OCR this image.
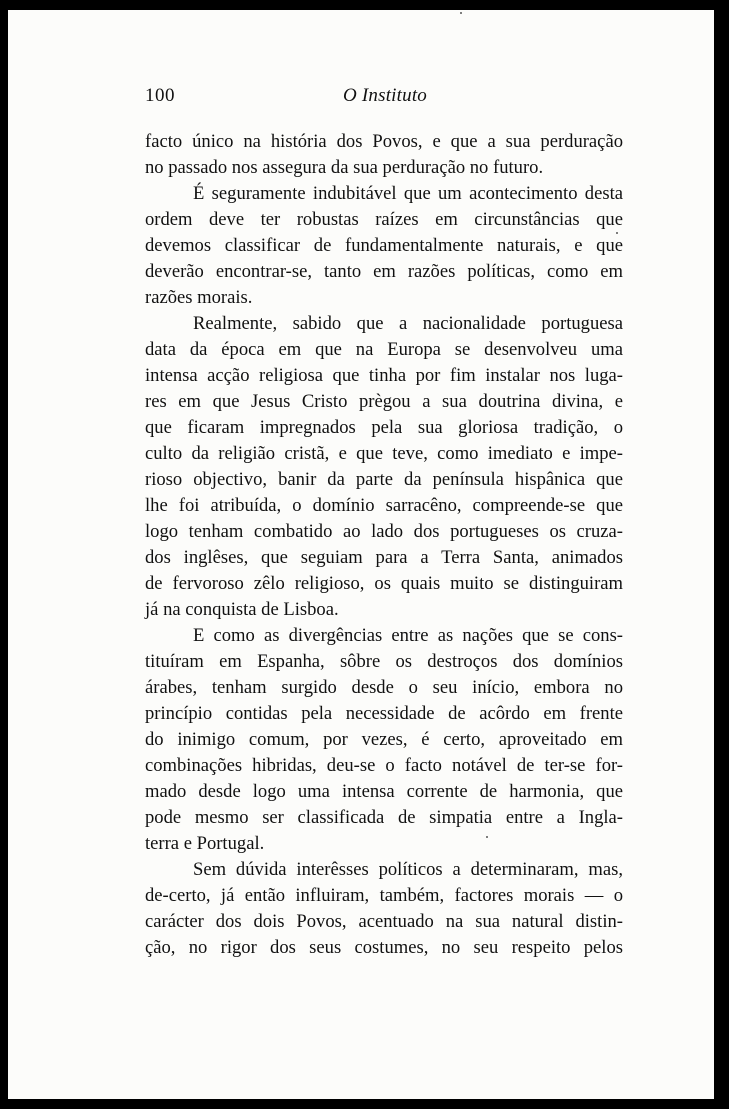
100	O Instituto

facto único na história dos Povos, e que a sua perduração

no passado nos assegura da sua perduração no futuro.

É seguramente indubitável que um acontecimento desta

ordem deve ter robustas raízes em circunstâncias que

devemos classificar de fundamentalmente naturais, e que

deverão encontrar-se, tanto em razões políticas, como em

razões morais.

Realmente, sabido que a nacionalidade portuguesa

data da época em que na Europa se desenvolveu uma

intensa acção religiosa que tinha por fim instalar nos luga-

res em que Jesus Cristo prègou a sua doutrina divina, e

que ficaram impregnados pela sua gloriosa tradição, o

culto da religião cristã, e que teve, como imediato e impe-

rioso objectivo, banir da parte da península hispânica que

lhe foi atribuída, o domínio sarracêno, compreende-se que

logo tenham combatido ao lado dos portugueses os cruza-

dos inglêses, que seguiam para a Terra Santa, animados

de fervoroso zêlo religioso, os quais muito se distinguiram

já na conquista de Lisboa.

E como as divergências entre as nações que se cons-

tituíram em Espanha, sôbre os destroços dos domínios

árabes, tenham surgido desde o seu início, embora no

princípio contidas pela necessidade de acôrdo em frente

do inimigo comum, por vezes, é certo, aproveitado em

combinações hibridas, deu-se o facto notável de ter-se for-

mado desde logo uma intensa corrente de harmonia, que

pode mesmo ser classificada de simpatia entre a Ingla-

terra e Portugal.

Sem dúvida interêsses políticos a determinaram, mas,

de-certo, já então influiram, também, factores morais — o

carácter dos dois Povos, acentuado na sua natural distin-

ção, no rigor dos seus costumes, no seu respeito pelos
